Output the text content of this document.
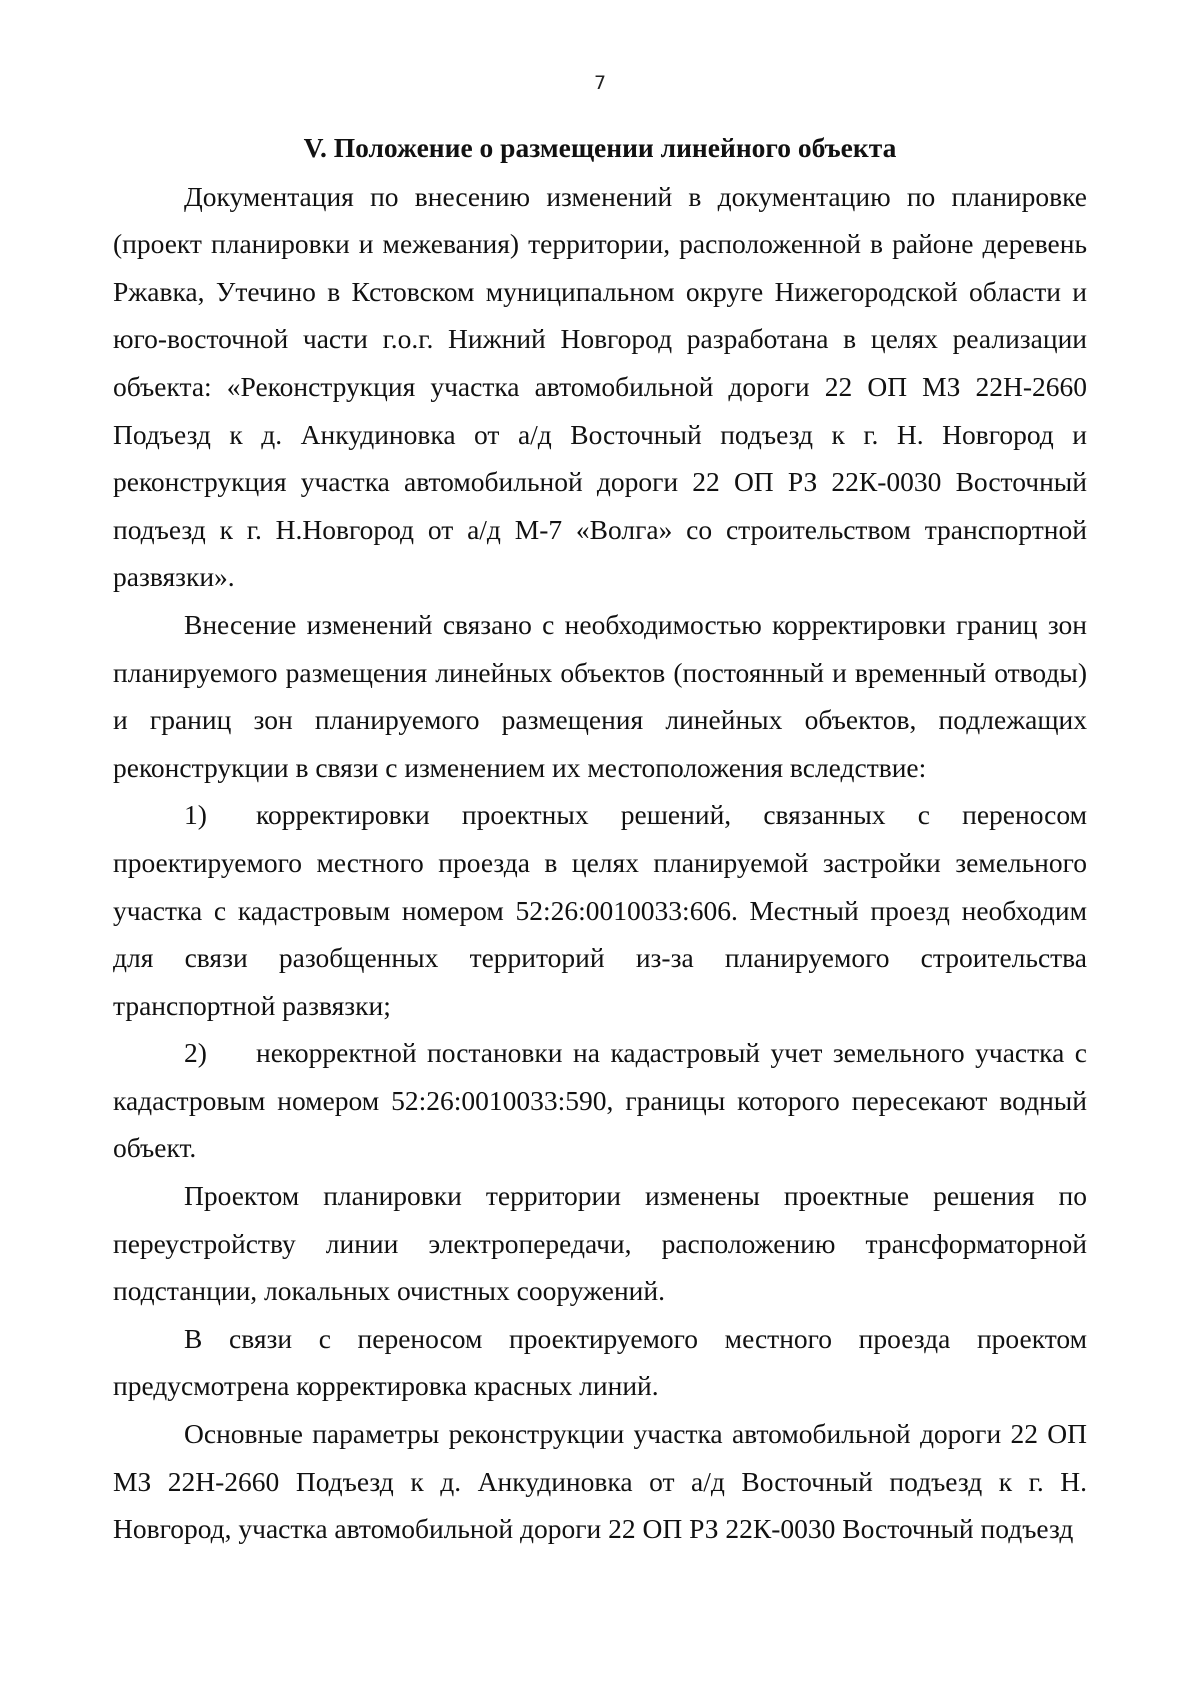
7

V. Положение о размещении линейного объекта

Документация по внесению изменений в документацию по планировке (проект планировки и межевания) территории, расположенной в районе деревень Ржавка, Утечино в Кстовском муниципальном округе Нижегородской области и юго-восточной части г.о.г. Нижний Новгород разработана в целях реализации объекта: «Реконструкция участка автомобильной дороги 22 ОП МЗ 22Н-2660 Подъезд к д. Анкудиновка от а/д Восточный подъезд к г. Н. Новгород и реконструкция участка автомобильной дороги 22 ОП РЗ 22К-0030 Восточный подъезд к г. Н.Новгород от а/д М-7 «Волга» со строительством транспортной развязки».

Внесение изменений связано с необходимостью корректировки границ зон планируемого размещения линейных объектов (постоянный и временный отводы) и границ зон планируемого размещения линейных объектов, подлежащих реконструкции в связи с изменением их местоположения вследствие:

1) корректировки проектных решений, связанных с переносом проектируемого местного проезда в целях планируемой застройки земельного участка с кадастровым номером 52:26:0010033:606. Местный проезд необходим для связи разобщенных территорий из-за планируемого строительства транспортной развязки;

2) некорректной постановки на кадастровый учет земельного участка с кадастровым номером 52:26:0010033:590, границы которого пересекают водный объект.

Проектом планировки территории изменены проектные решения по переустройству линии электропередачи, расположению трансформаторной подстанции, локальных очистных сооружений.

В связи с переносом проектируемого местного проезда проектом предусмотрена корректировка красных линий.

Основные параметры реконструкции участка автомобильной дороги 22 ОП МЗ 22Н-2660 Подъезд к д. Анкудиновка от а/д Восточный подъезд к г. Н. Новгород, участка автомобильной дороги 22 ОП РЗ 22К-0030 Восточный подъезд
